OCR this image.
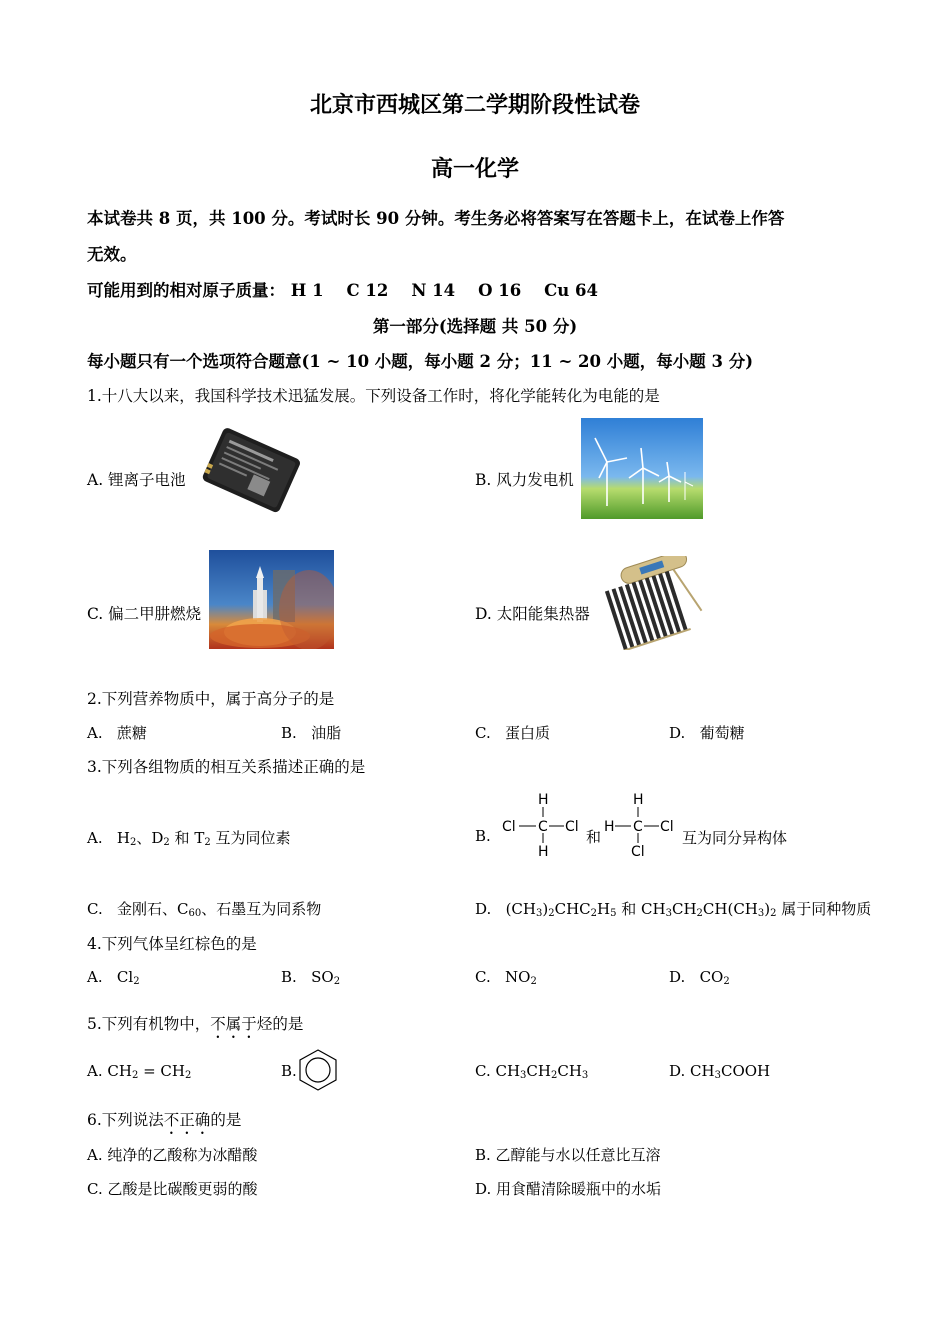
北京市西城区第二学期阶段性试卷
高一化学
本试卷共 8 页，共 100 分。考试时长 90 分钟。考生务必将答案写在答题卡上，在试卷上作答
无效。
可能用到的相对原子质量： H 1    C 12    N 14    O 16    Cu 64
第一部分(选择题 共 50 分)
每小题只有一个选项符合题意(1 ~ 10 小题，每小题 2 分；11 ~ 20 小题，每小题 3 分)
1.十八大以来，我国科学技术迅猛发展。下列设备工作时，将化学能转化为电能的是
A. 锂离子电池	B. 风力发电机
C. 偏二甲肼燃烧	D. 太阳能集热器
2.下列营养物质中，属于高分子的是
A. 蔗糖	B. 油脂	C. 蛋白质	D. 葡萄糖
3.下列各组物质的相互关系描述正确的是
A.   $H_2$、$D_2$ 和 $T_2$ 互为同位素	B.
H
Cl C Cl
H
和
H
H
C Cl
Cl
互为同分异构体
C.   金刚石、$C_{60}$、石墨互为同系物	D.   $(CH_3)_2CHC_2H_5$ 和 $CH_3CH_2CH(CH_3)_2$ 属于同种物质
4.下列气体呈红棕色的是
A.   $Cl_2$	B.   $SO_2$	C.   $NO_2$	D.   $CO_2$
5.下列有机物中，不属于烃的是
A. $CH_2 = CH_2$	B.	C. $CH_3CH_2CH_3$	D. $CH_3COOH$
6.下列说法不正确的是
A. 纯净的乙酸称为冰醋酸	B. 乙醇能与水以任意比互溶
C. 乙酸是比碳酸更弱的酸	D. 用食醋清除暖瓶中的水垢
